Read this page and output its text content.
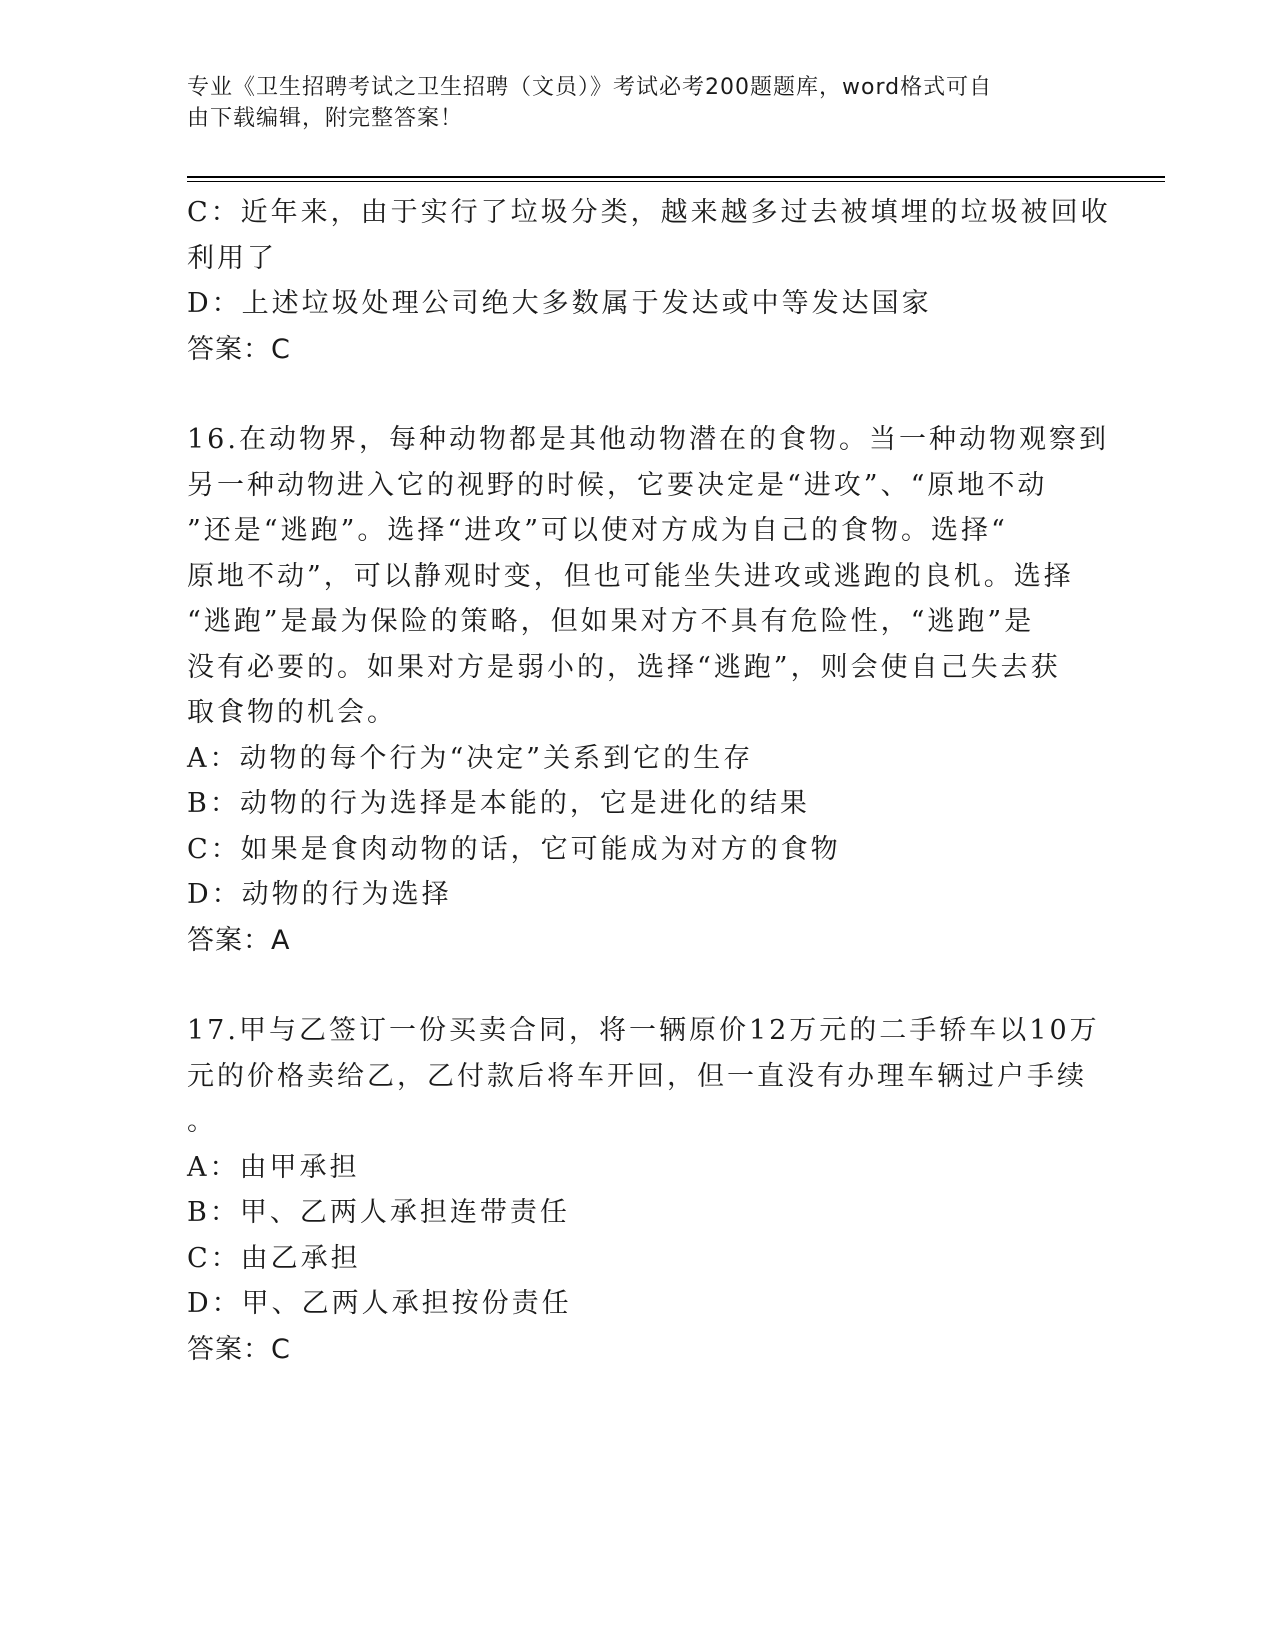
专业《卫生招聘考试之卫生招聘（文员）》考试必考200题题库，word格式可自
由下载编辑，附完整答案！
C：近年来，由于实行了垃圾分类，越来越多过去被填埋的垃圾被回收
利用了
D：上述垃圾处理公司绝大多数属于发达或中等发达国家
答案：C
16.在动物界，每种动物都是其他动物潜在的食物。当一种动物观察到
另一种动物进入它的视野的时候，它要决定是“进攻”、“原地不动
”还是“逃跑”。选择“进攻”可以使对方成为自己的食物。选择“
原地不动”，可以静观时变，但也可能坐失进攻或逃跑的良机。选择
“逃跑”是最为保险的策略，但如果对方不具有危险性，“逃跑”是
没有必要的。如果对方是弱小的，选择“逃跑”，则会使自己失去获
取食物的机会。
A：动物的每个行为“决定”关系到它的生存
B：动物的行为选择是本能的，它是进化的结果
C：如果是食肉动物的话，它可能成为对方的食物
D：动物的行为选择
答案：A
17.甲与乙签订一份买卖合同，将一辆原价12万元的二手轿车以10万
元的价格卖给乙，乙付款后将车开回，但一直没有办理车辆过户手续
。
A：由甲承担
B：甲、乙两人承担连带责任
C：由乙承担
D：甲、乙两人承担按份责任
答案：C
